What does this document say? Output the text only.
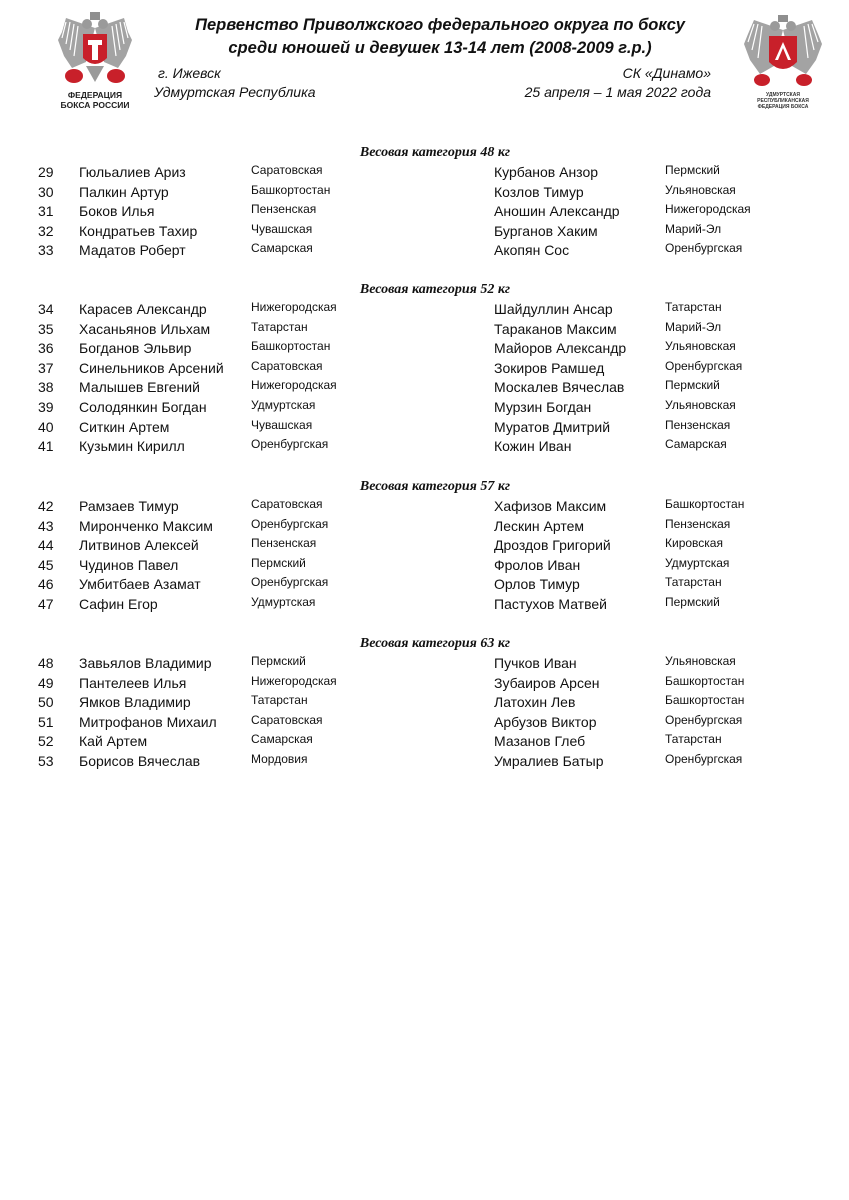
ФЕДЕРАЦИЯ
БОКСА РОССИИ
УДМУРТСКАЯ РЕСПУБЛИКАНСКАЯ
ФЕДЕРАЦИЯ БОКСА
Первенство Приволжского федерального округа по боксу
среди юношей и девушек 13-14 лет (2008-2009 г.р.)
г. Ижевск
Удмуртская Республика
СК «Динамо»
25 апреля – 1 мая 2022 года
Весовая категория 48 кг
29 Гюльалиев Ариз	Саратовская	Курбанов Анзор	Пермский
30 Палкин Артур	Башкортостан	Козлов Тимур	Ульяновская
31 Боков Илья	Пензенская	Аношин Александр	Нижегородская
32 Кондратьев Тахир	Чувашская	Бурганов Хаким	Марий-Эл
33 Мадатов Роберт	Самарская	Акопян Сос	Оренбургская
Весовая категория 52 кг
34 Карасев Александр	Нижегородская	Шайдуллин Ансар	Татарстан
35 Хасаньянов Ильхам	Татарстан	Тараканов Максим	Марий-Эл
36 Богданов Эльвир	Башкортостан	Майоров Александр	Ульяновская
37 Синельников Арсений Саратовская	Зокиров Рамшед	Оренбургская
38 Малышев Евгений	Нижегородская	Москалев Вячеслав	Пермский
39 Солодянкин Богдан	Удмуртская	Мурзин Богдан	Ульяновская
40 Ситкин Артем	Чувашская	Муратов Дмитрий	Пензенская
41 Кузьмин Кирилл	Оренбургская	Кожин Иван	Самарская
Весовая категория 57 кг
42 Рамзаев Тимур	Саратовская	Хафизов Максим	Башкортостан
43 Миронченко Максим	Оренбургская	Лескин Артем	Пензенская
44 Литвинов Алексей	Пензенская	Дроздов Григорий	Кировская
45 Чудинов Павел	Пермский	Фролов Иван	Удмуртская
46 Умбитбаев Азамат	Оренбургская	Орлов Тимур	Татарстан
47 Сафин Егор	Удмуртская	Пастухов Матвей	Пермский
Весовая категория 63 кг
48 Завьялов Владимир	Пермский	Пучков Иван	Ульяновская
49 Пантелеев Илья	Нижегородская	Зубаиров Арсен	Башкортостан
50 Ямков Владимир	Татарстан	Латохин Лев	Башкортостан
51 Митрофанов Михаил	Саратовская	Арбузов Виктор	Оренбургская
52 Кай Артем	Самарская	Мазанов Глеб	Татарстан
53 Борисов Вячеслав	Мордовия	Умралиев Батыр	Оренбургская
